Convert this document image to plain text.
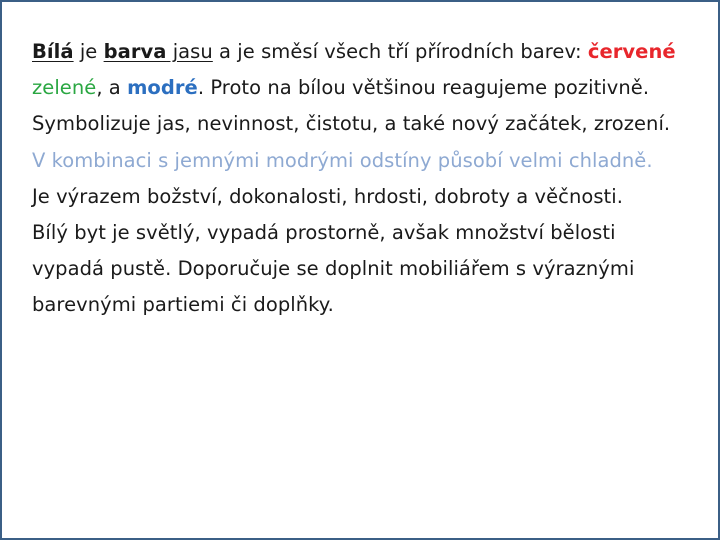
Bílá je barva jasu a je směsí všech tří přírodních barev: červené
zelené, a modré. Proto na bílou většinou reagujeme pozitivně.
Symbolizuje jas, nevinnost, čistotu, a také nový začátek, zrození.
V kombinaci s jemnými modrými odstíny působí velmi chladně.
Je výrazem božství, dokonalosti, hrdosti, dobroty a věčnosti.
Bílý byt je světlý, vypadá prostorně, avšak množství bělosti
vypadá pustě. Doporučuje se doplnit mobiliářem s výraznými
barevnými partiemi či doplňky.
